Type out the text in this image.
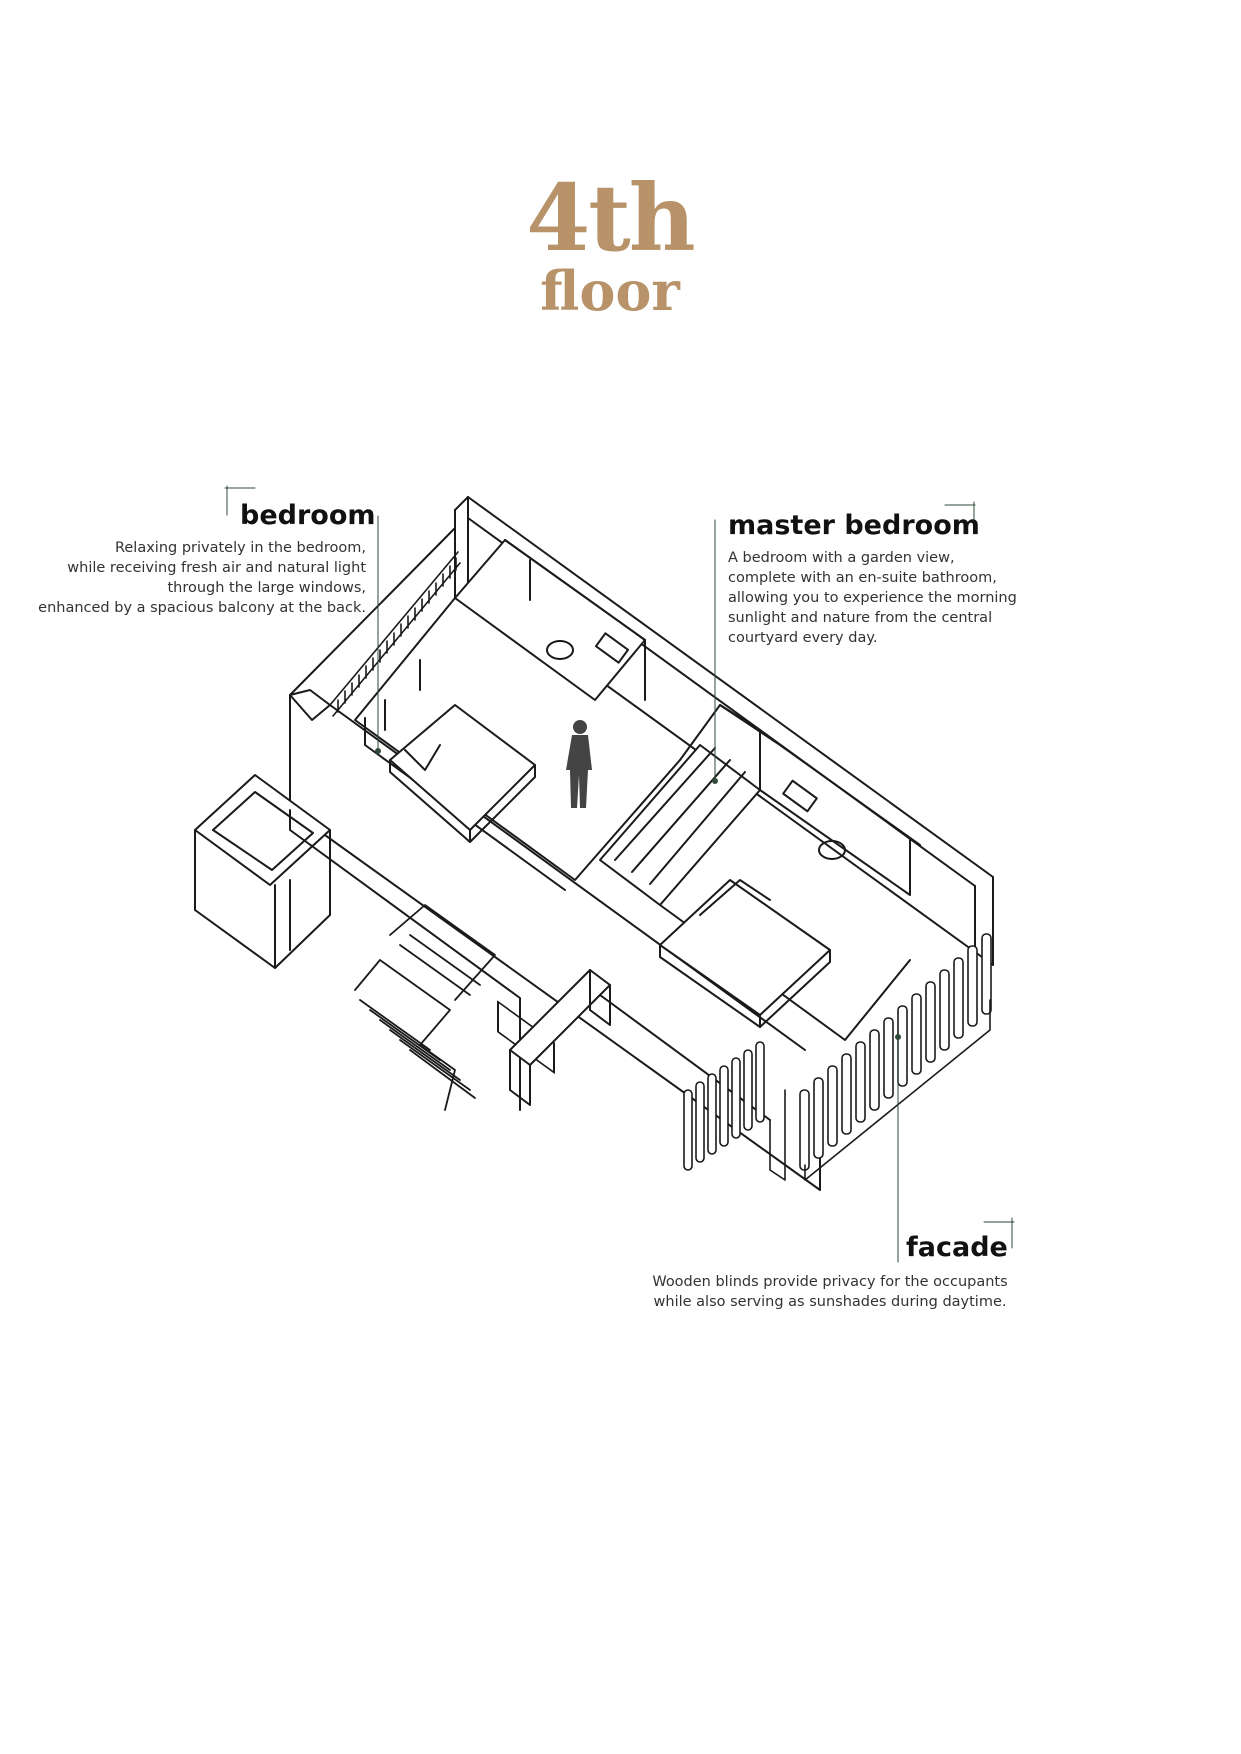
4th
floor
bedroom
Relaxing privately in the bedroom,
while receiving fresh air and natural light
through the large windows,
enhanced by a spacious balcony at the back.
master bedroom
A bedroom with a garden view,
complete with an en-suite bathroom,
allowing you to experience the morning
sunlight and nature from the central
courtyard every day.
facade
Wooden blinds provide privacy for the occupants
while also serving as sunshades during daytime.
